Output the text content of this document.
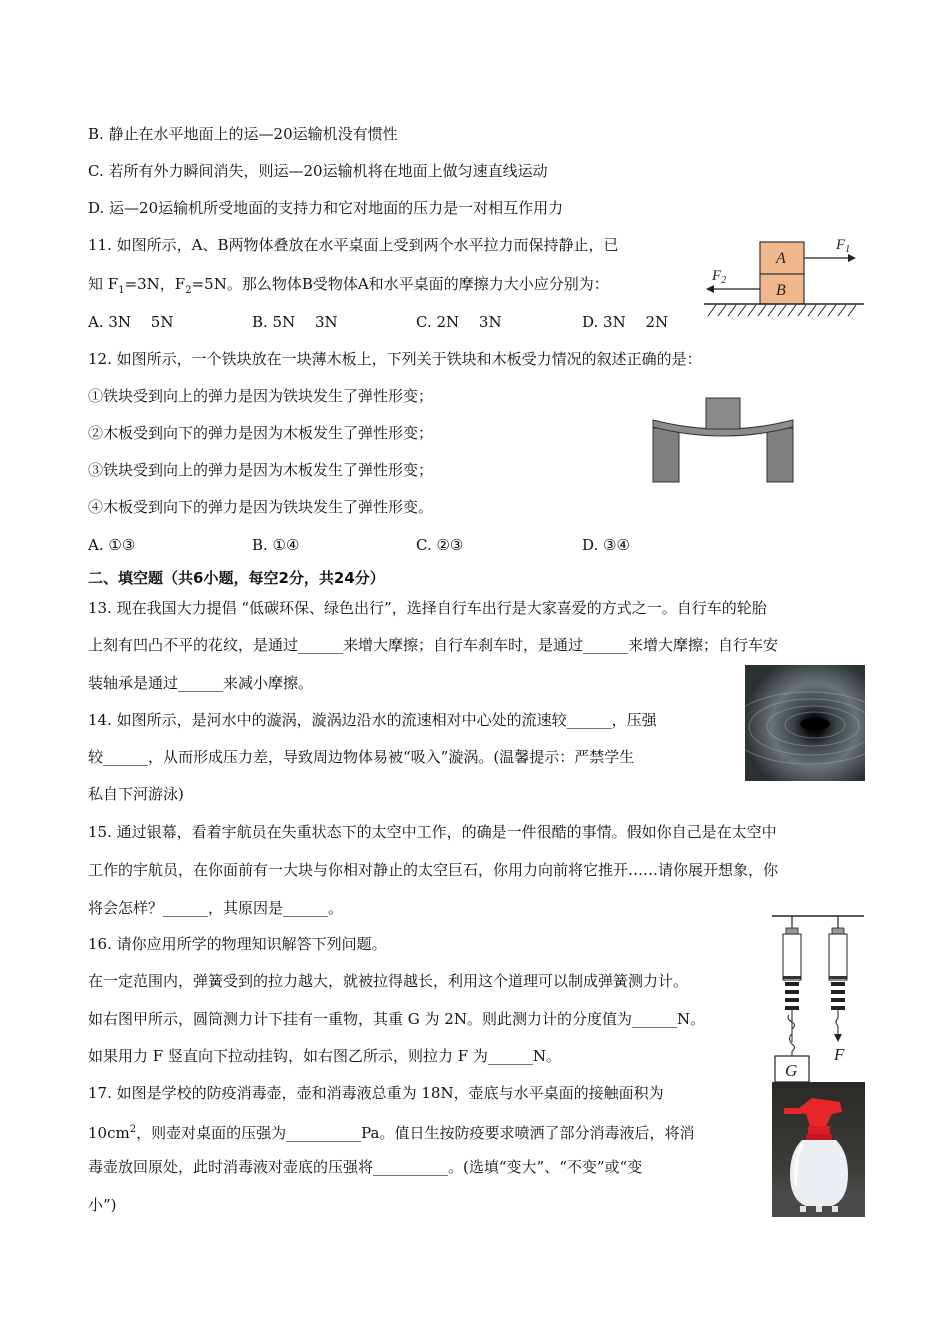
B. 静止在水平地面上的运—20运输机没有惯性
C. 若所有外力瞬间消失，则运—20运输机将在地面上做匀速直线运动
D. 运—20运输机所受地面的支持力和它对地面的压力是一对相互作用力
11. 如图所示，A、B两物体叠放在水平桌面上受到两个水平拉力而保持静止，已
知 $F_1=3N$，$F_2=5N$。那么物体B受物体A和水平桌面的摩擦力大小应分别为：
A. 3N　 5N	B. 5N　 3N	C. 2N　 3N	D. 3N　 2N
A
B
$F_1$
$F_2$
12. 如图所示，一个铁块放在一块薄木板上，下列关于铁块和木板受力情况的叙述正确的是：
①铁块受到向上的弹力是因为铁块发生了弹性形变；
②木板受到向下的弹力是因为木板发生了弹性形变；
③铁块受到向上的弹力是因为木板发生了弹性形变；
④木板受到向下的弹力是因为铁块发生了弹性形变。
A. ①③	B. ①④	C. ②③	D. ③④
二、填空题（共6小题，每空2分，共24分）
13. 现在我国大力提倡 “低碳环保、绿色出行”，选择自行车出行是大家喜爱的方式之一。自行车的轮胎
上刻有凹凸不平的花纹，是通过______来增大摩擦；自行车刹车时，是通过______来增大摩擦；自行车安
装轴承是通过______来减小摩擦。
14. 如图所示，是河水中的漩涡，漩涡边沿水的流速相对中心处的流速较______，压强
较______，从而形成压力差，导致周边物体易被“吸入”漩涡。(温馨提示：严禁学生
私自下河游泳)
15. 通过银幕，看着宇航员在失重状态下的太空中工作，的确是一件很酷的事情。假如你自己是在太空中
工作的宇航员，在你面前有一大块与你相对静止的太空巨石，你用力向前将它推开……请你展开想象，你
将会怎样？______，其原因是______。
G
F
16. 请你应用所学的物理知识解答下列问题。
在一定范围内，弹簧受到的拉力越大，就被拉得越长，利用这个道理可以制成弹簧测力计。
如右图甲所示，圆筒测力计下挂有一重物，其重 G 为 2N。则此测力计的分度值为______N。
如果用力 F 竖直向下拉动挂钩，如右图乙所示，则拉力 F 为______N。
17. 如图是学校的防疫消毒壶，壶和消毒液总重为 18N，壶底与水平桌面的接触面积为
$10cm^2$，则壶对桌面的压强为__________Pa。值日生按防疫要求喷洒了部分消毒液后，将消
毒壶放回原处，此时消毒液对壶底的压强将__________。(选填“变大”、“不变”或“变
小”)
